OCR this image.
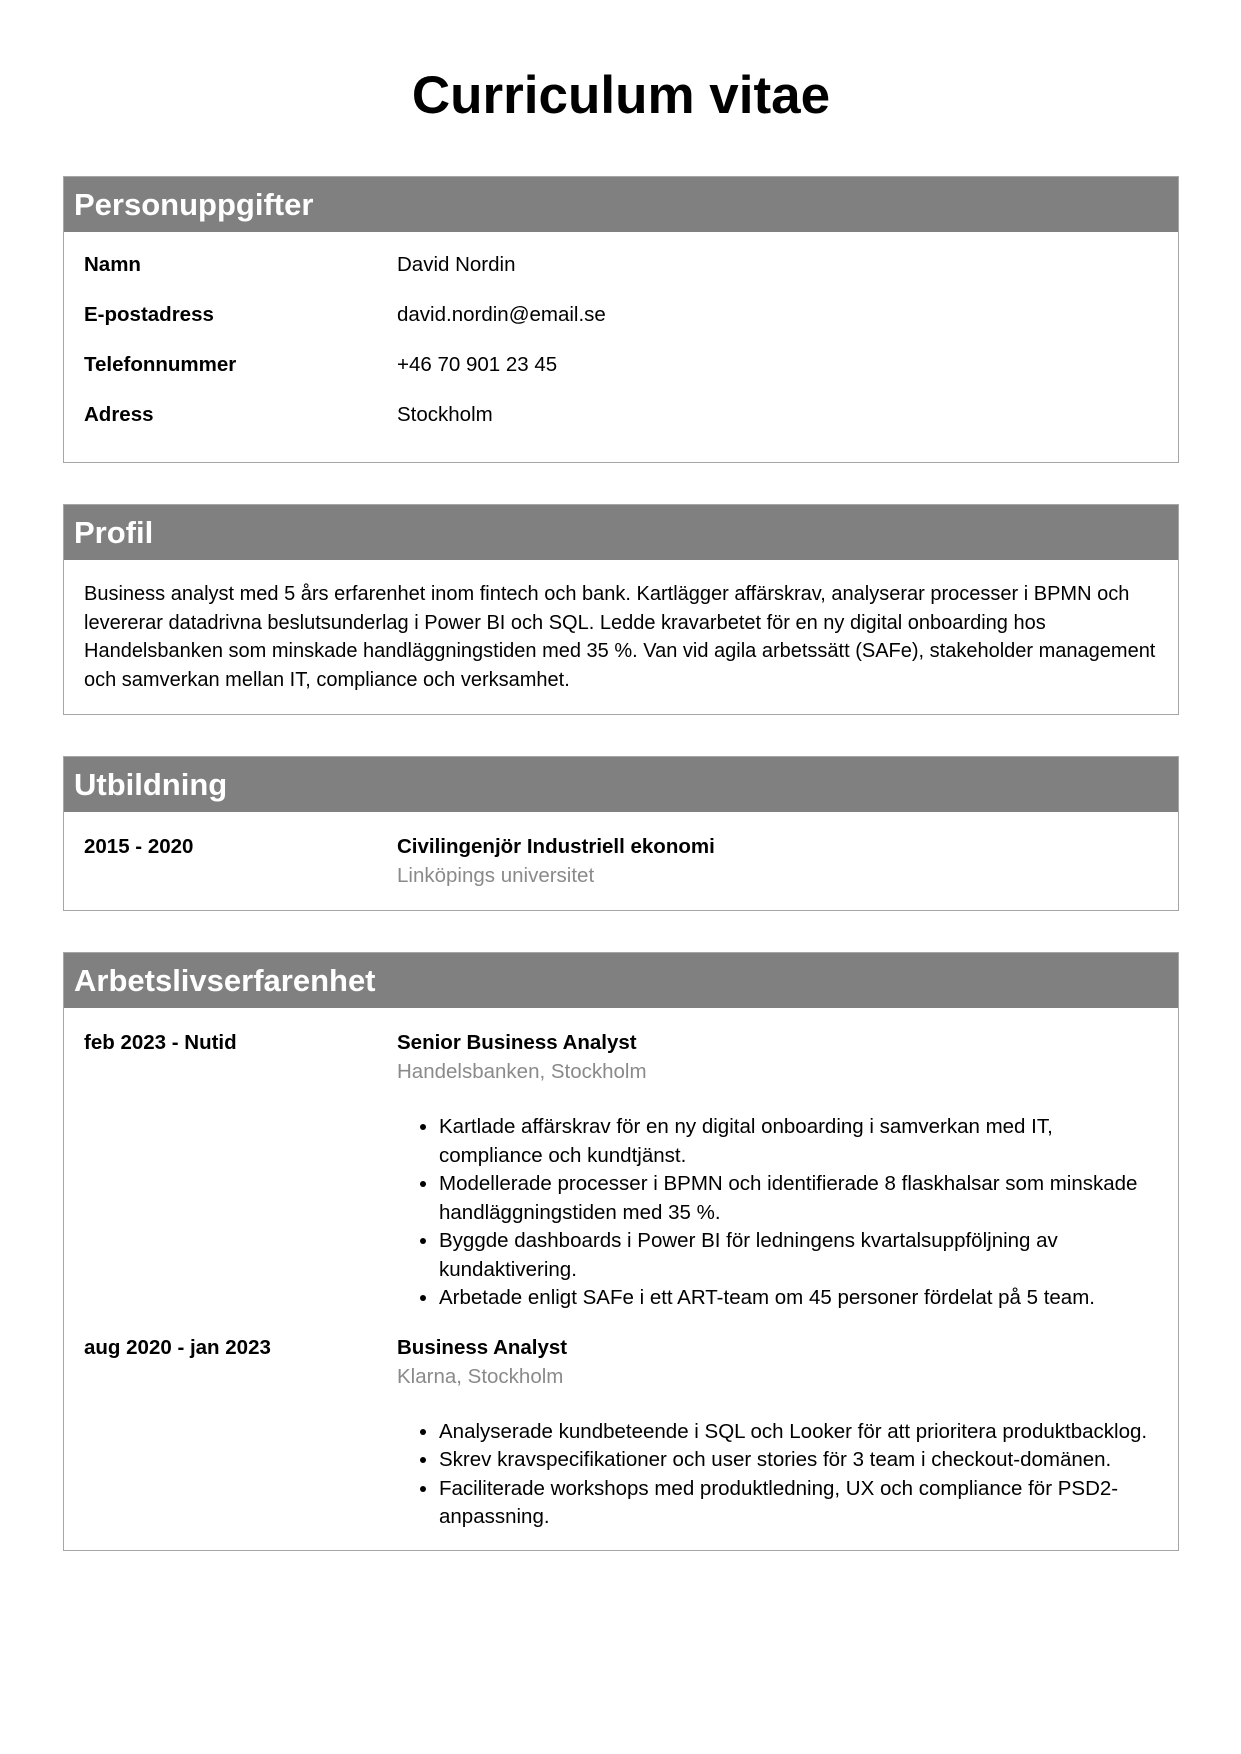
Curriculum vitae
Personuppgifter
Namn	David Nordin
E-postadress	david.nordin@email.se
Telefonnummer	+46 70 901 23 45
Adress	Stockholm
Profil

Business analyst med 5 års erfarenhet inom fintech och bank. Kartlägger affärskrav, analyserar processer i BPMN och levererar datadrivna beslutsunderlag i Power BI och SQL. Ledde kravarbetet för en ny digital onboarding hos Handelsbanken som minskade handläggningstiden med 35 %. Van vid agila arbetssätt (SAFe), stakeholder management och samverkan mellan IT, compliance och verksamhet.

Utbildning
2015 - 2020	Civilingenjör Industriell ekonomi
Linköpings universitet
Arbetslivserfarenhet
feb 2023 - Nutid	Senior Business Analyst
Handelsbanken, Stockholm
• Kartlade affärskrav för en ny digital onboarding i samverkan med IT, compliance och kundtjänst.
• Modellerade processer i BPMN och identifierade 8 flaskhalsar som minskade handläggningstiden med 35 %.
• Byggde dashboards i Power BI för ledningens kvartalsuppföljning av kundaktivering.
• Arbetade enligt SAFe i ett ART-team om 45 personer fördelat på 5 team.
aug 2020 - jan 2023	Business Analyst
Klarna, Stockholm
• Analyserade kundbeteende i SQL och Looker för att prioritera produktbacklog.
• Skrev kravspecifikationer och user stories för 3 team i checkout-domänen.
• Faciliterade workshops med produktledning, UX och compliance för PSD2-anpassning.
